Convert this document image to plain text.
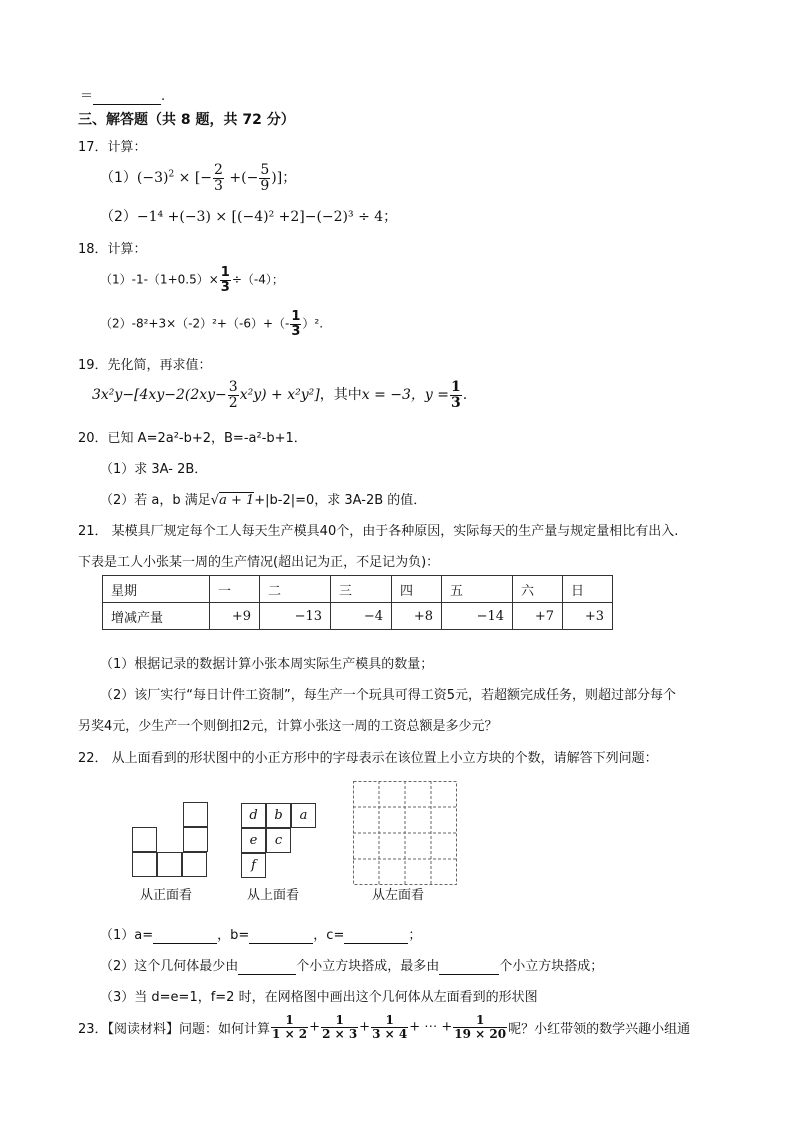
＝	.
三、解答题（共 8 题，共 72 分）
17．计算：
$(1)(-3)^2$ × [− $\frac{2}{3}$ +(− $\frac{5}{9}$ )]；
（2）−1⁴ +(−3) × [(−4)² +2]−(−2)³ ÷ 4；
18．计算：
$(1)-1-(1+0.5)\times \frac{1}{3} \div(-4)$；
$(2)-8^2+3\times(-2)^2+(-6)+(- \frac{1}{3} )^2$.
19．先化简，再求值：
$3x^2y-[4xy-2(2xy- \frac{3}{2} x^2y) + x^2y^2]$，其中x = −3，$y = \frac{1}{3}$ .
20．已知 A=2a²-b+2，B=-a²-b+1．
（1）求 3A- 2B．
（2）若 a，b 满足√a + 1+|b-2|=0，求 3A-2B 的值．
21． 某模具厂规定每个工人每天生产模具40个，由于各种原因，实际每天的生产量与规定量相比有出入.
下表是工人小张某一周的生产情况(超出记为正，不足记为负)：
星期	一	二	三	四	五	六	日
增减产量	+9	−13	−4	+8	−14	+7	+3
（1）根据记录的数据计算小张本周实际生产模具的数量；
（2）该厂实行“每日计件工资制”，每生产一个玩具可得工资5元，若超额完成任务，则超过部分每个
另奖4元，少生产一个则倒扣2元，计算小张这一周的工资总额是多少元？
22． 从上面看到的形状图中的小正方形中的字母表示在该位置上小立方块的个数，请解答下列问题：
从正面看
d	b	a
e	c
f
从上面看	从左面看
（1）a=	，b=	，c=	；
（2）这个几何体最少由	个小立方块搭成，最多由	个小立方块搭成；
（3）当 d=e=1，f=2 时，在网格图中画出这个几何体从左面看到的形状图
23．【阅读材料】问题：如何计算 $\frac{1}{1 \times 2} + \frac{1}{2 \times 3} + \frac{1}{3 \times 4}$ + ⋯ + $\frac{1}{19 \times 20}$ 呢？小红带领的数学兴趣小组通
